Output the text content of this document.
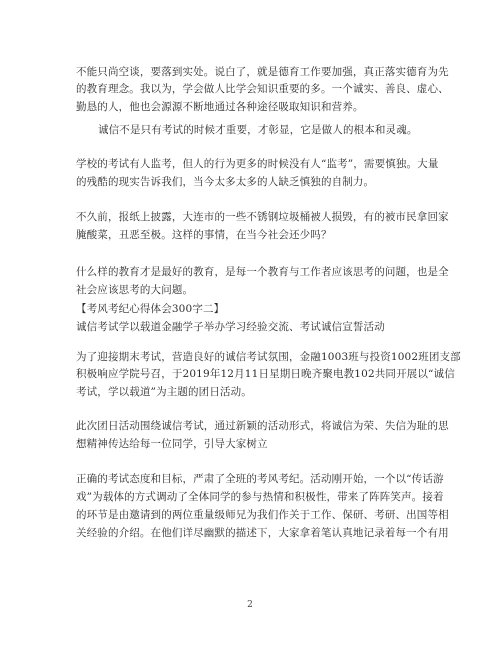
不能只尚空谈，要落到实处。说白了，就是德育工作要加强，真正落实德育为先
的教育理念。我以为，学会做人比学会知识重要的多。一个诚实、善良、虚心、
勤恳的人，他也会源源不断地通过各种途径吸取知识和营养。
诚信不是只有考试的时候才重要，才彰显，它是做人的根本和灵魂。
学校的考试有人监考，但人的行为更多的时候没有人“监考”，需要慎独。大量
的残酷的现实告诉我们，当今太多太多的人缺乏慎独的自制力。
不久前，报纸上披露，大连市的一些不锈钢垃圾桶被人损毁，有的被市民拿回家
腌酸菜，丑恶至极。这样的事情，在当今社会还少吗？
什么样的教育才是最好的教育，是每一个教育与工作者应该思考的问题，也是全
社会应该思考的大问题。
【考风考纪心得体会300字二】
诚信考试学以载道金融学子举办学习经验交流、考试诚信宣誓活动
为了迎接期末考试，营造良好的诚信考试氛围，金融1003班与投资1002班团支部
积极响应学院号召，于2019年12月11日星期日晚齐聚电教102共同开展以“诚信
考试，学以载道”为主题的团日活动。
此次团日活动围绕诚信考试，通过新颖的活动形式，将诚信为荣、失信为耻的思
想精神传达给每一位同学，引导大家树立
正确的考试态度和目标，严肃了全班的考风考纪。活动刚开始，一个以“传话游
戏”为载体的方式调动了全体同学的参与热情和积极性，带来了阵阵笑声。接着
的环节是由邀请到的两位重量级师兄为我们作关于工作、保研、考研、出国等相
关经验的介绍。在他们详尽幽默的描述下，大家拿着笔认真地记录着每一个有用
2
